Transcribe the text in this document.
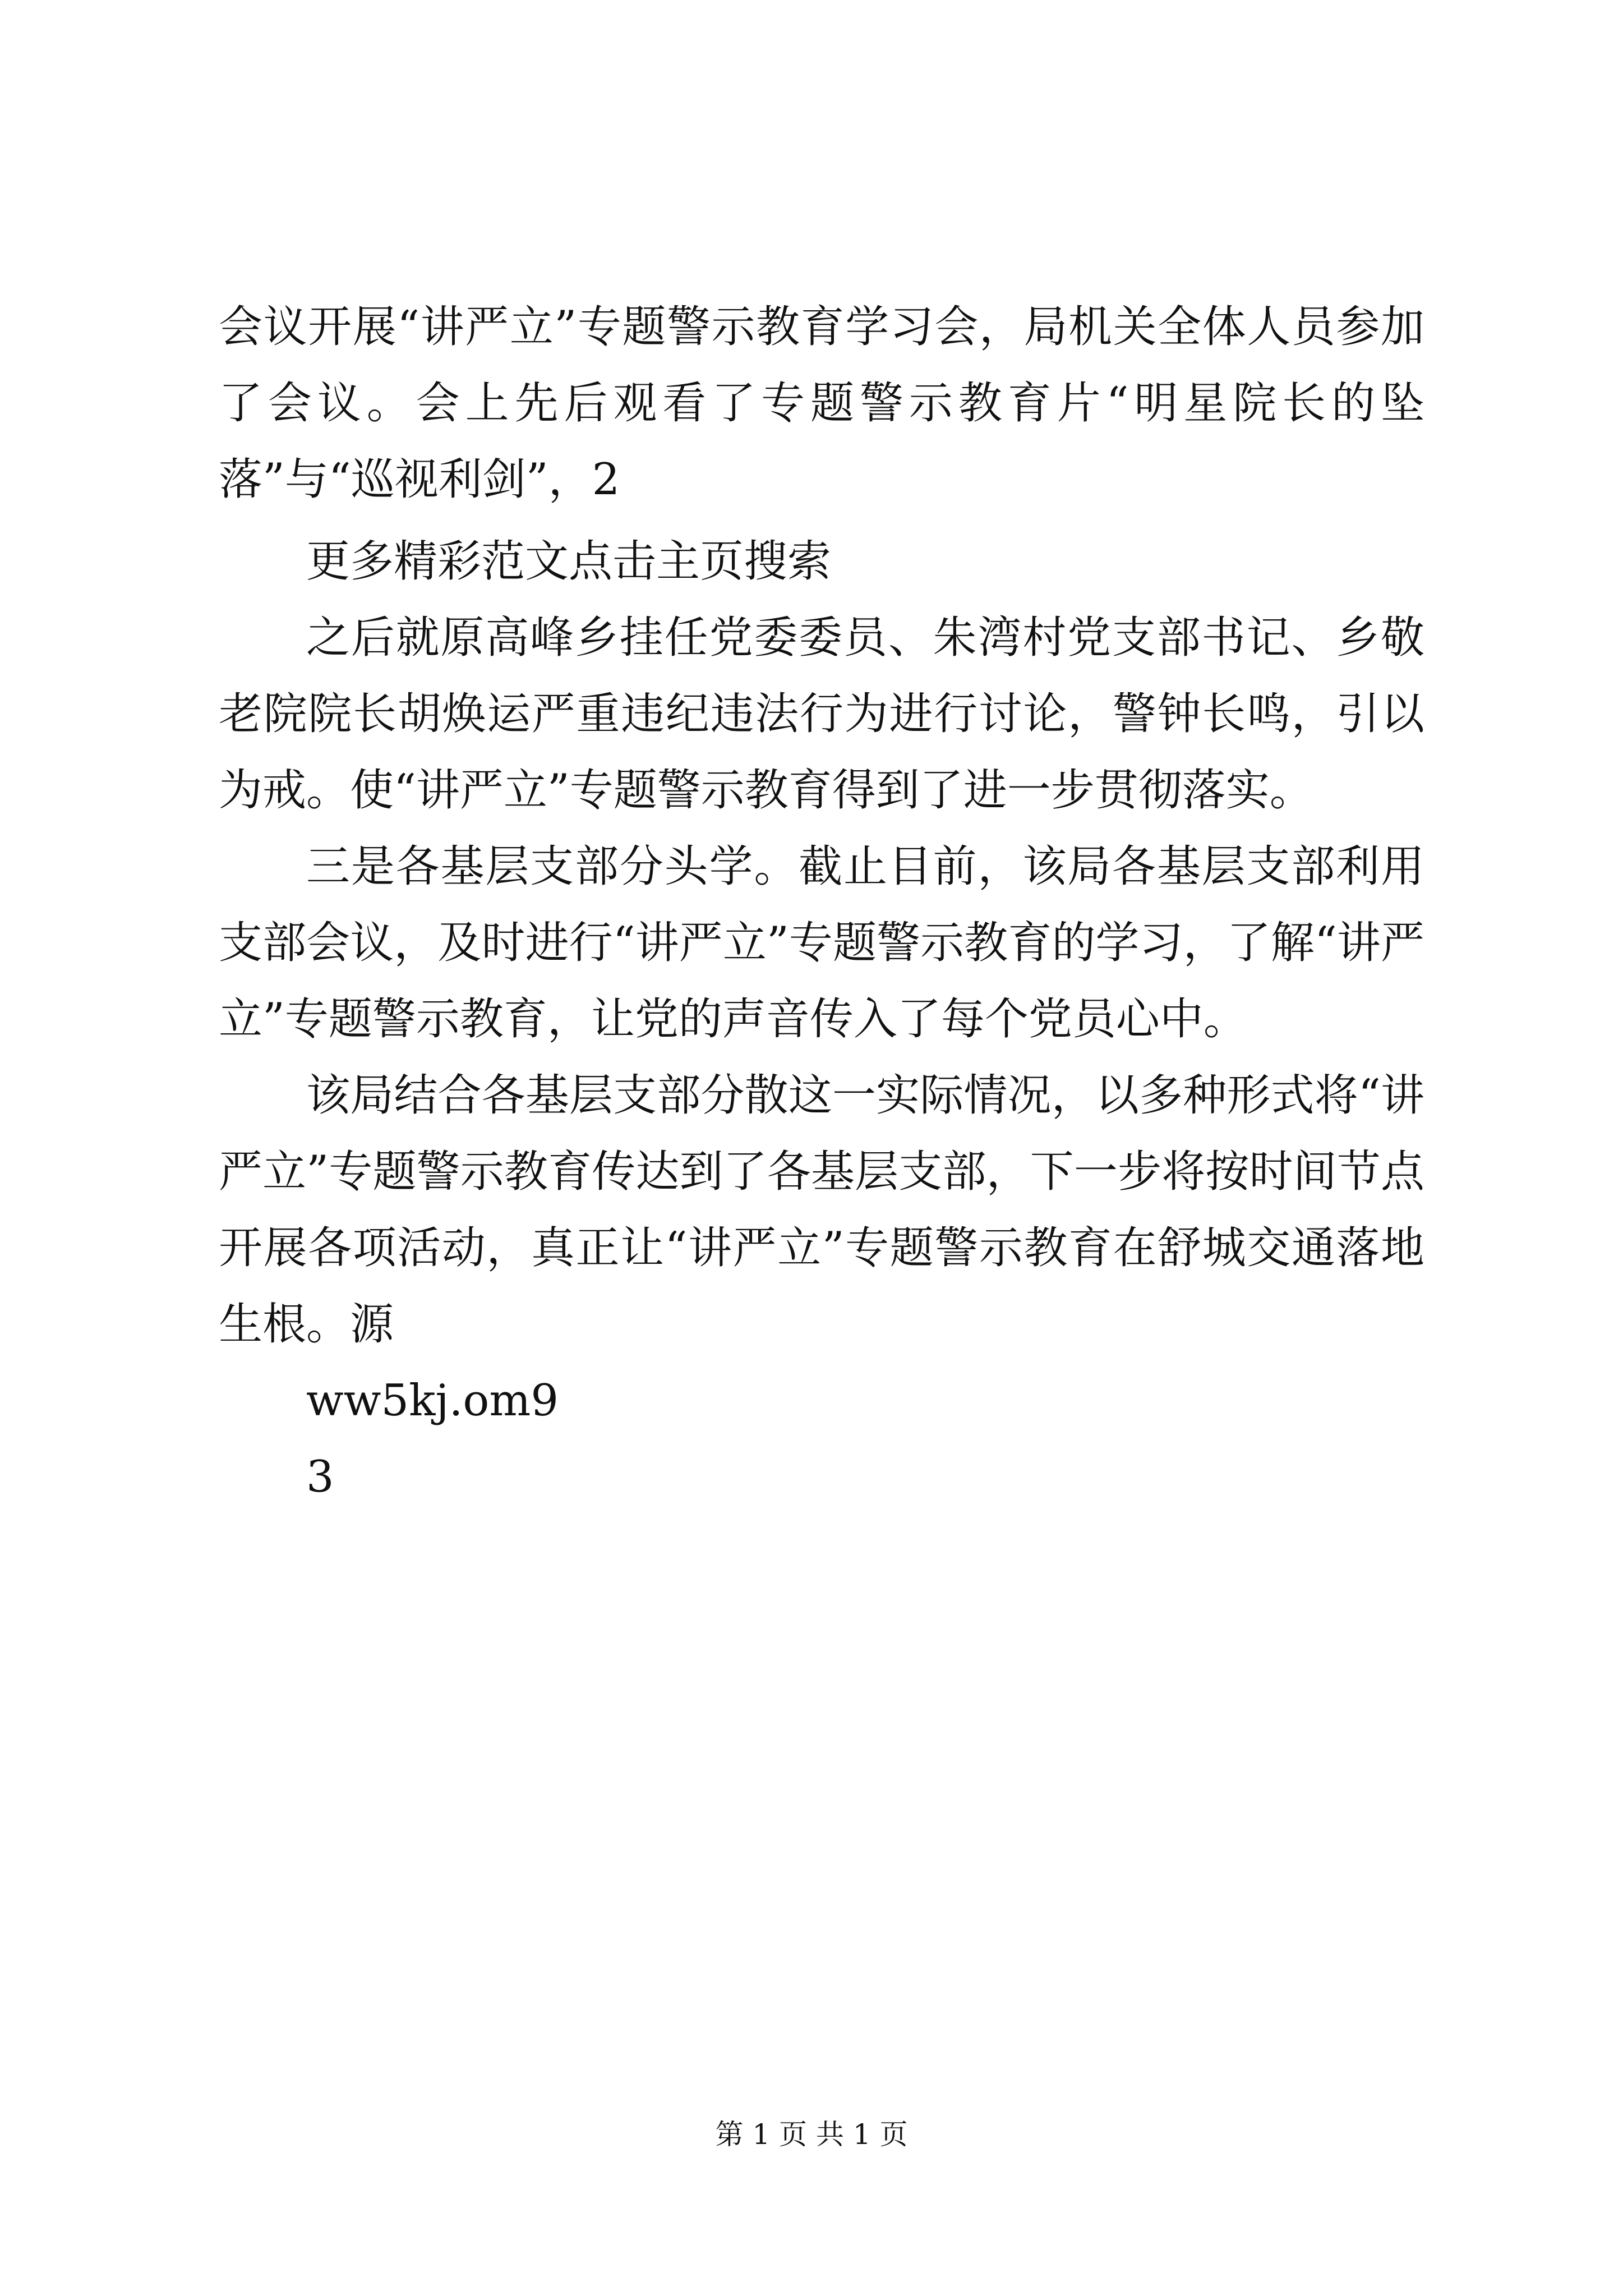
会议开展“讲严立”专题警示教育学习会，局机关全体人员参加了会议。会上先后观看了专题警示教育片“明星院长的坠落”与“巡视利剑”，2

更多精彩范文点击主页搜索

之后就原高峰乡挂任党委委员、朱湾村党支部书记、乡敬老院院长胡焕运严重违纪违法行为进行讨论，警钟长鸣，引以为戒。使“讲严立”专题警示教育得到了进一步贯彻落实。

三是各基层支部分头学。截止目前，该局各基层支部利用支部会议，及时进行“讲严立”专题警示教育的学习，了解“讲严立”专题警示教育，让党的声音传入了每个党员心中。

该局结合各基层支部分散这一实际情况，以多种形式将“讲严立”专题警示教育传达到了各基层支部，下一步将按时间节点开展各项活动，真正让“讲严立”专题警示教育在舒城交通落地生根。源

ww5kj.om9

3

第 1 页 共 1 页
